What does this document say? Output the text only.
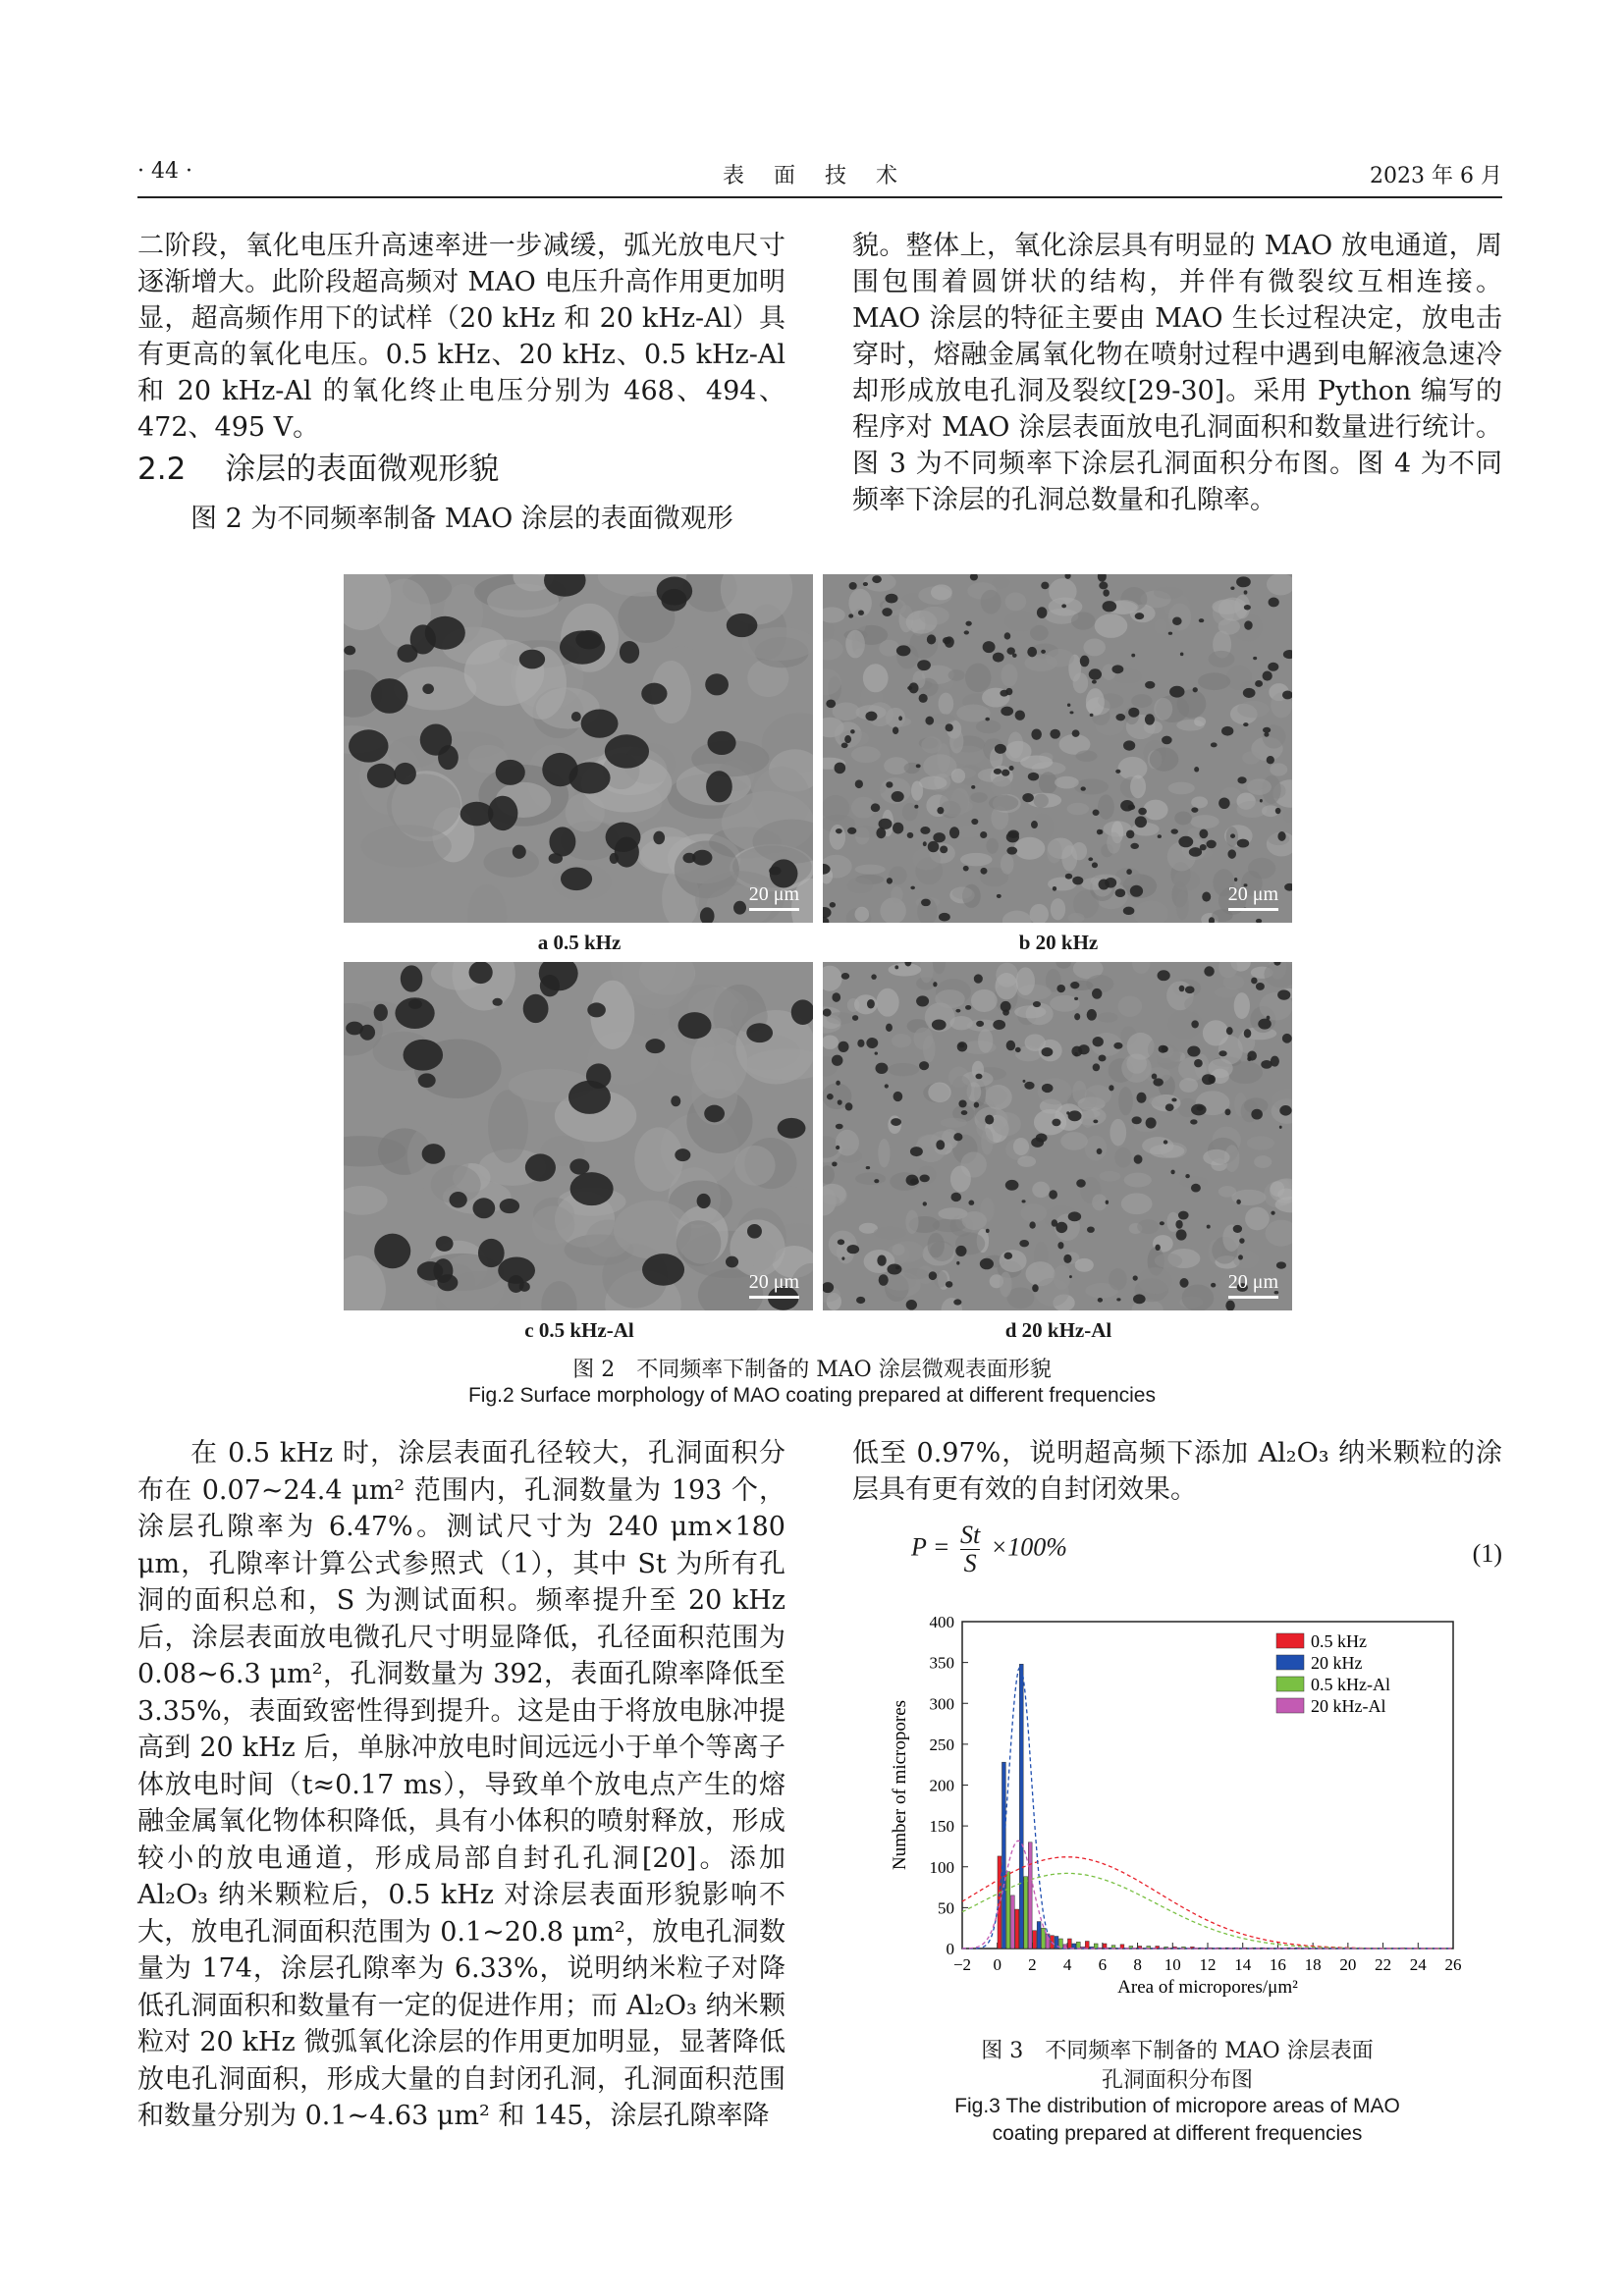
· 44 ·	表　面　技　术	2023 年 6 月

二阶段，氧化电压升高速率进一步减缓，弧光放电尺寸逐渐增大。此阶段超高频对 MAO 电压升高作用更加明显，超高频作用下的试样（20 kHz 和 20 kHz-Al）具有更高的氧化电压。0.5 kHz、20 kHz、0.5 kHz-Al 和 20 kHz-Al 的氧化终止电压分别为 468、494、472、495 V。

2.2 涂层的表面微观形貌

图 2 为不同频率制备 MAO 涂层的表面微观形

貌。整体上，氧化涂层具有明显的 MAO 放电通道，周围包围着圆饼状的结构，并伴有微裂纹互相连接。MAO 涂层的特征主要由 MAO 生长过程决定，放电击穿时，熔融金属氧化物在喷射过程中遇到电解液急速冷却形成放电孔洞及裂纹[29-30]。采用 Python 编写的程序对 MAO 涂层表面放电孔洞面积和数量进行统计。图 3 为不同频率下涂层孔洞面积分布图。图 4 为不同频率下涂层的孔洞总数量和孔隙率。

20 μm	20 μm
a 0.5 kHz	b 20 kHz
20 μm	20 μm
c 0.5 kHz-Al	d 20 kHz-Al
图 2　不同频率下制备的 MAO 涂层微观表面形貌
Fig.2 Surface morphology of MAO coating prepared at different frequencies

在 0.5 kHz 时，涂层表面孔径较大，孔洞面积分布在 0.07~24.4 μm² 范围内，孔洞数量为 193 个，涂层孔隙率为 6.47%。测试尺寸为 240 μm×180 μm，孔隙率计算公式参照式（1），其中 St 为所有孔洞的面积总和，S 为测试面积。频率提升至 20 kHz 后，涂层表面放电微孔尺寸明显降低，孔径面积范围为 0.08~6.3 μm²，孔洞数量为 392，表面孔隙率降低至 3.35%，表面致密性得到提升。这是由于将放电脉冲提高到 20 kHz 后，单脉冲放电时间远远小于单个等离子体放电时间（t≈0.17 ms），导致单个放电点产生的熔融金属氧化物体积降低，具有小体积的喷射释放，形成较小的放电通道，形成局部自封孔孔洞[20]。添加 Al₂O₃ 纳米颗粒后，0.5 kHz 对涂层表面形貌影响不大，放电孔洞面积范围为 0.1~20.8 μm²，放电孔洞数量为 174，涂层孔隙率为 6.33%，说明纳米粒子对降低孔洞面积和数量有一定的促进作用；而 Al₂O₃ 纳米颗粒对 20 kHz 微弧氧化涂层的作用更加明显，显著降低放电孔洞面积，形成大量的自封闭孔洞，孔洞面积范围和数量分别为 0.1~4.63 μm² 和 145，涂层孔隙率降

低至 0.97%，说明超高频下添加 Al₂O₃ 纳米颗粒的涂层具有更有效的自封闭效果。

$P = \frac{St}{S} \times 100\%$	(1)
0
50
100
150
200
250
300
350
400
−2 0 2 4 6 8 10 12 14 16 18 20 22 24 26
0.5 kHz
20 kHz
0.5 kHz-Al
20 kHz-Al
Area of micropores/μm²
Number of micropores
图 3　不同频率下制备的 MAO 涂层表面
孔洞面积分布图
Fig.3 The distribution of micropore areas of MAO
coating prepared at different frequencies
